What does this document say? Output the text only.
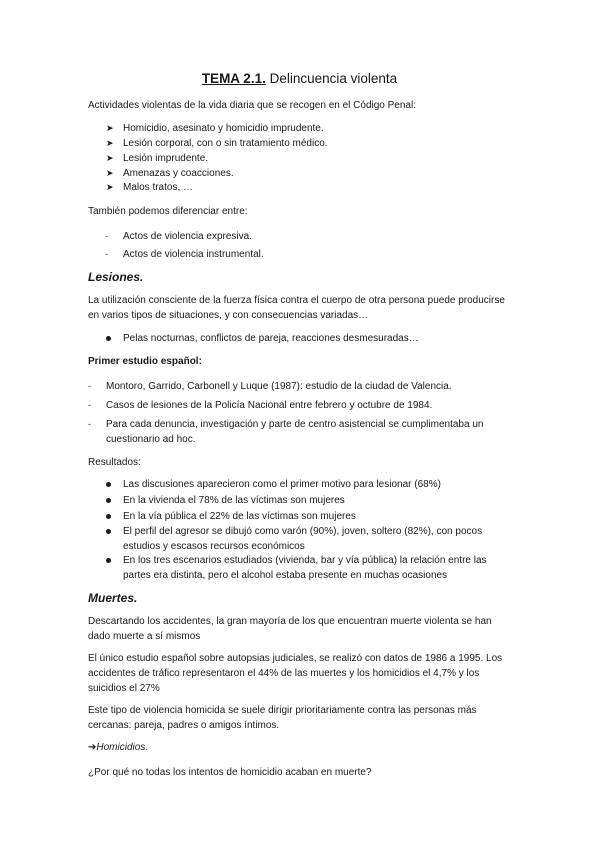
TEMA 2.1. Delincuencia violenta
Actividades violentas de la vida diaria que se recogen en el Código Penal:
➤ Homicidio, asesinato y homicidio imprudente.
➤ Lesión corporal, con o sin tratamiento médico.
➤ Lesión imprudente.
➤ Amenazas y coacciones.
➤ Malos tratos, …
También podemos diferenciar entre:
- Actos de violencia expresiva.
- Actos de violencia instrumental.
Lesiones.
La utilización consciente de la fuerza física contra el cuerpo de otra persona puede producirse en varios tipos de situaciones, y con consecuencias variadas…
Pelas nocturnas, conflictos de pareja, reacciones desmesuradas…
Primer estudio español:
- Montoro, Garrido, Carbonell y Luque (1987): estudio de la ciudad de Valencia.
- Casos de lesiones de la Policía Nacional entre febrero y octubre de 1984.
- Para cada denuncia, investigación y parte de centro asistencial se cumplimentaba un cuestionario ad hoc.
Resultados:
Las discusiones aparecieron como el primer motivo para lesionar (68%)
En la vivienda el 78% de las víctimas son mujeres
En la vía pública el 22% de las víctimas son mujeres
El perfil del agresor se dibujó como varón (90%), joven, soltero (82%), con pocos estudios y escasos recursos económicos
En los tres escenarios estudiados (vivienda, bar y vía pública) la relación entre las partes era distinta, pero el alcohol estaba presente en muchas ocasiones
Muertes.
Descartando los accidentes, la gran mayoría de los que encuentran muerte violenta se han dado muerte a sí mismos
El único estudio español sobre autopsias judiciales, se realizó con datos de 1986 a 1995. Los accidentes de tráfico representaron el 44% de las muertes y los homicidios el 4,7% y los suicidios el 27%
Este tipo de violencia homicida se suele dirigir prioritariamente contra las personas más cercanas: pareja, padres o amigos íntimos.
➔Homicidios.
¿Por qué no todas los intentos de homicidio acaban en muerte?
